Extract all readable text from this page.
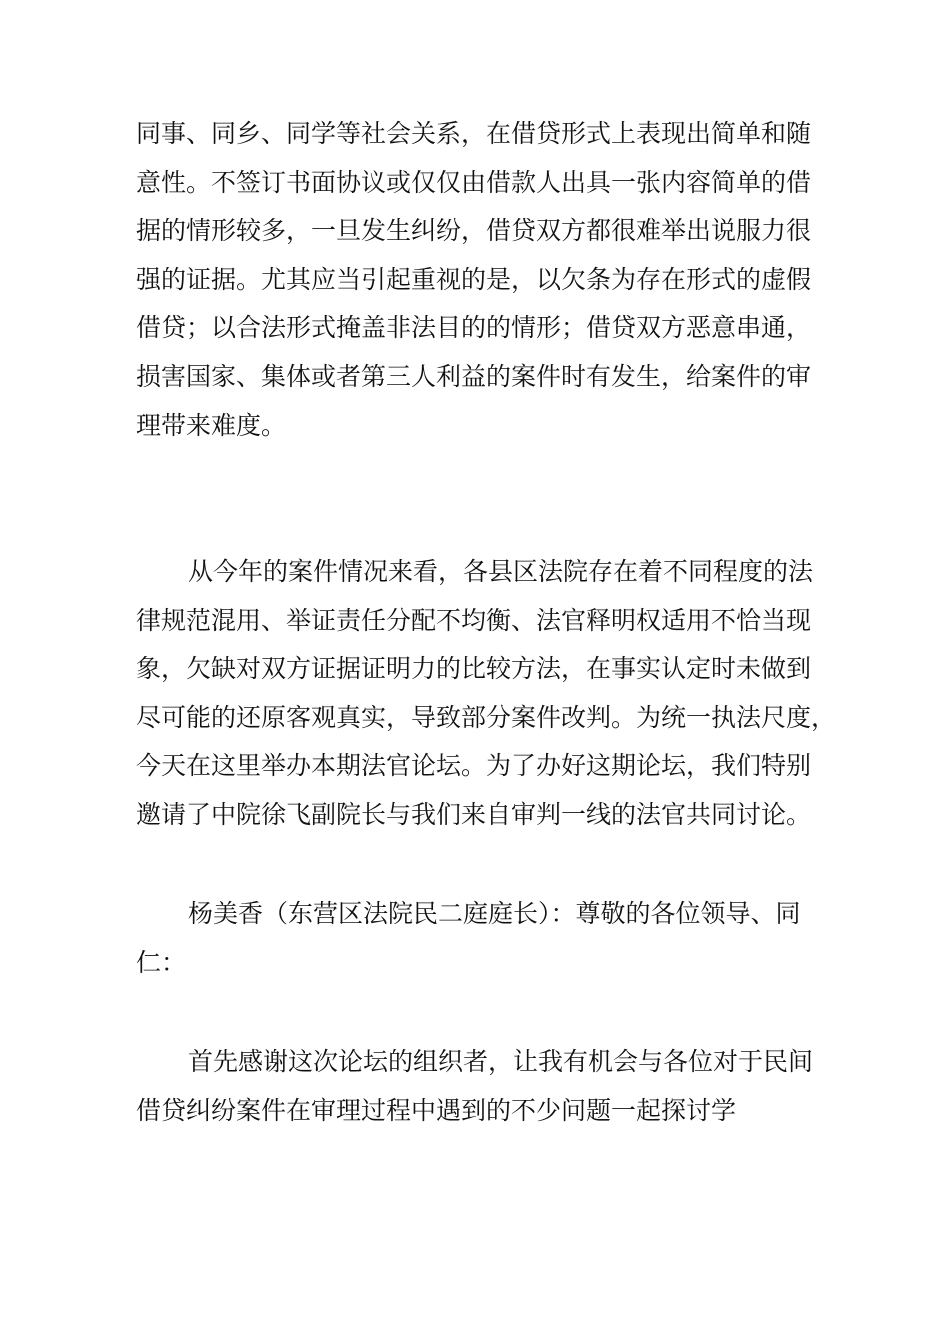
同事、同乡、同学等社会关系，在借贷形式上表现出简单和随
意性。不签订书面协议或仅仅由借款人出具一张内容简单的借
据的情形较多，一旦发生纠纷，借贷双方都很难举出说服力很
强的证据。尤其应当引起重视的是，以欠条为存在形式的虚假
借贷；以合法形式掩盖非法目的的情形；借贷双方恶意串通，
损害国家、集体或者第三人利益的案件时有发生，给案件的审
理带来难度。
从今年的案件情况来看，各县区法院存在着不同程度的法
律规范混用、举证责任分配不均衡、法官释明权适用不恰当现
象，欠缺对双方证据证明力的比较方法，在事实认定时未做到
尽可能的还原客观真实，导致部分案件改判。为统一执法尺度，
今天在这里举办本期法官论坛。为了办好这期论坛，我们特别
邀请了中院徐飞副院长与我们来自审判一线的法官共同讨论。
杨美香（东营区法院民二庭庭长）：尊敬的各位领导、同
仁：
首先感谢这次论坛的组织者，让我有机会与各位对于民间
借贷纠纷案件在审理过程中遇到的不少问题一起探讨学
